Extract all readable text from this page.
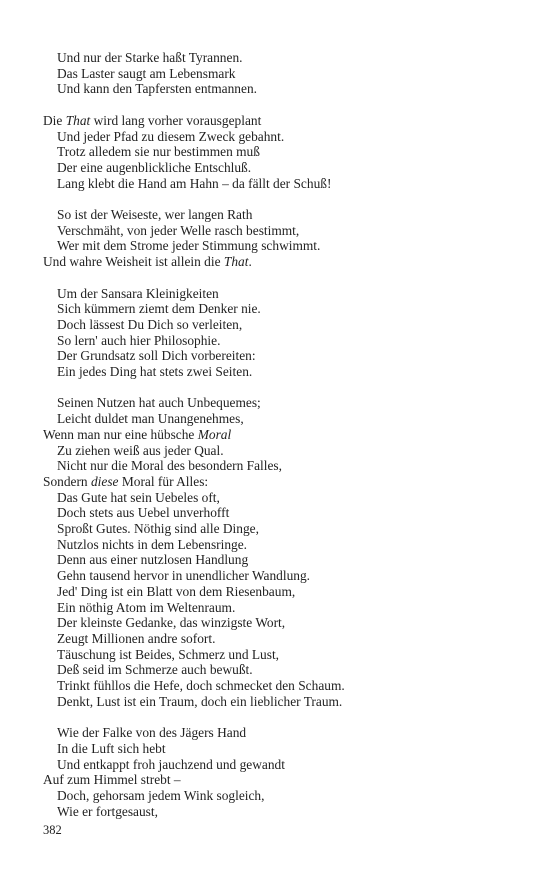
Und nur der Starke haßt Tyrannen.
Das Laster saugt am Lebensmark
Und kann den Tapfersten entmannen.
Die That wird lang vorher vorausgeplant
Und jeder Pfad zu diesem Zweck gebahnt.
Trotz alledem sie nur bestimmen muß
Der eine augenblickliche Entschluß.
Lang klebt die Hand am Hahn – da fällt der Schuß!
So ist der Weiseste, wer langen Rath
Verschmäht, von jeder Welle rasch bestimmt,
Wer mit dem Strome jeder Stimmung schwimmt.
Und wahre Weisheit ist allein die That.
Um der Sansara Kleinigkeiten
Sich kümmern ziemt dem Denker nie.
Doch lässest Du Dich so verleiten,
So lern' auch hier Philosophie.
Der Grundsatz soll Dich vorbereiten:
Ein jedes Ding hat stets zwei Seiten.
Seinen Nutzen hat auch Unbequemes;
Leicht duldet man Unangenehmes,
Wenn man nur eine hübsche Moral
Zu ziehen weiß aus jeder Qual.
Nicht nur die Moral des besondern Falles,
Sondern diese Moral für Alles:
Das Gute hat sein Uebeles oft,
Doch stets aus Uebel unverhofft
Sproßt Gutes. Nöthig sind alle Dinge,
Nutzlos nichts in dem Lebensringe.
Denn aus einer nutzlosen Handlung
Gehn tausend hervor in unendlicher Wandlung.
Jed' Ding ist ein Blatt von dem Riesenbaum,
Ein nöthig Atom im Weltenraum.
Der kleinste Gedanke, das winzigste Wort,
Zeugt Millionen andre sofort.
Täuschung ist Beides, Schmerz und Lust,
Deß seid im Schmerze auch bewußt.
Trinkt fühllos die Hefe, doch schmecket den Schaum.
Denkt, Lust ist ein Traum, doch ein lieblicher Traum.
Wie der Falke von des Jägers Hand
In die Luft sich hebt
Und entkappt froh jauchzend und gewandt
Auf zum Himmel strebt –
Doch, gehorsam jedem Wink sogleich,
Wie er fortgesaust,
382
